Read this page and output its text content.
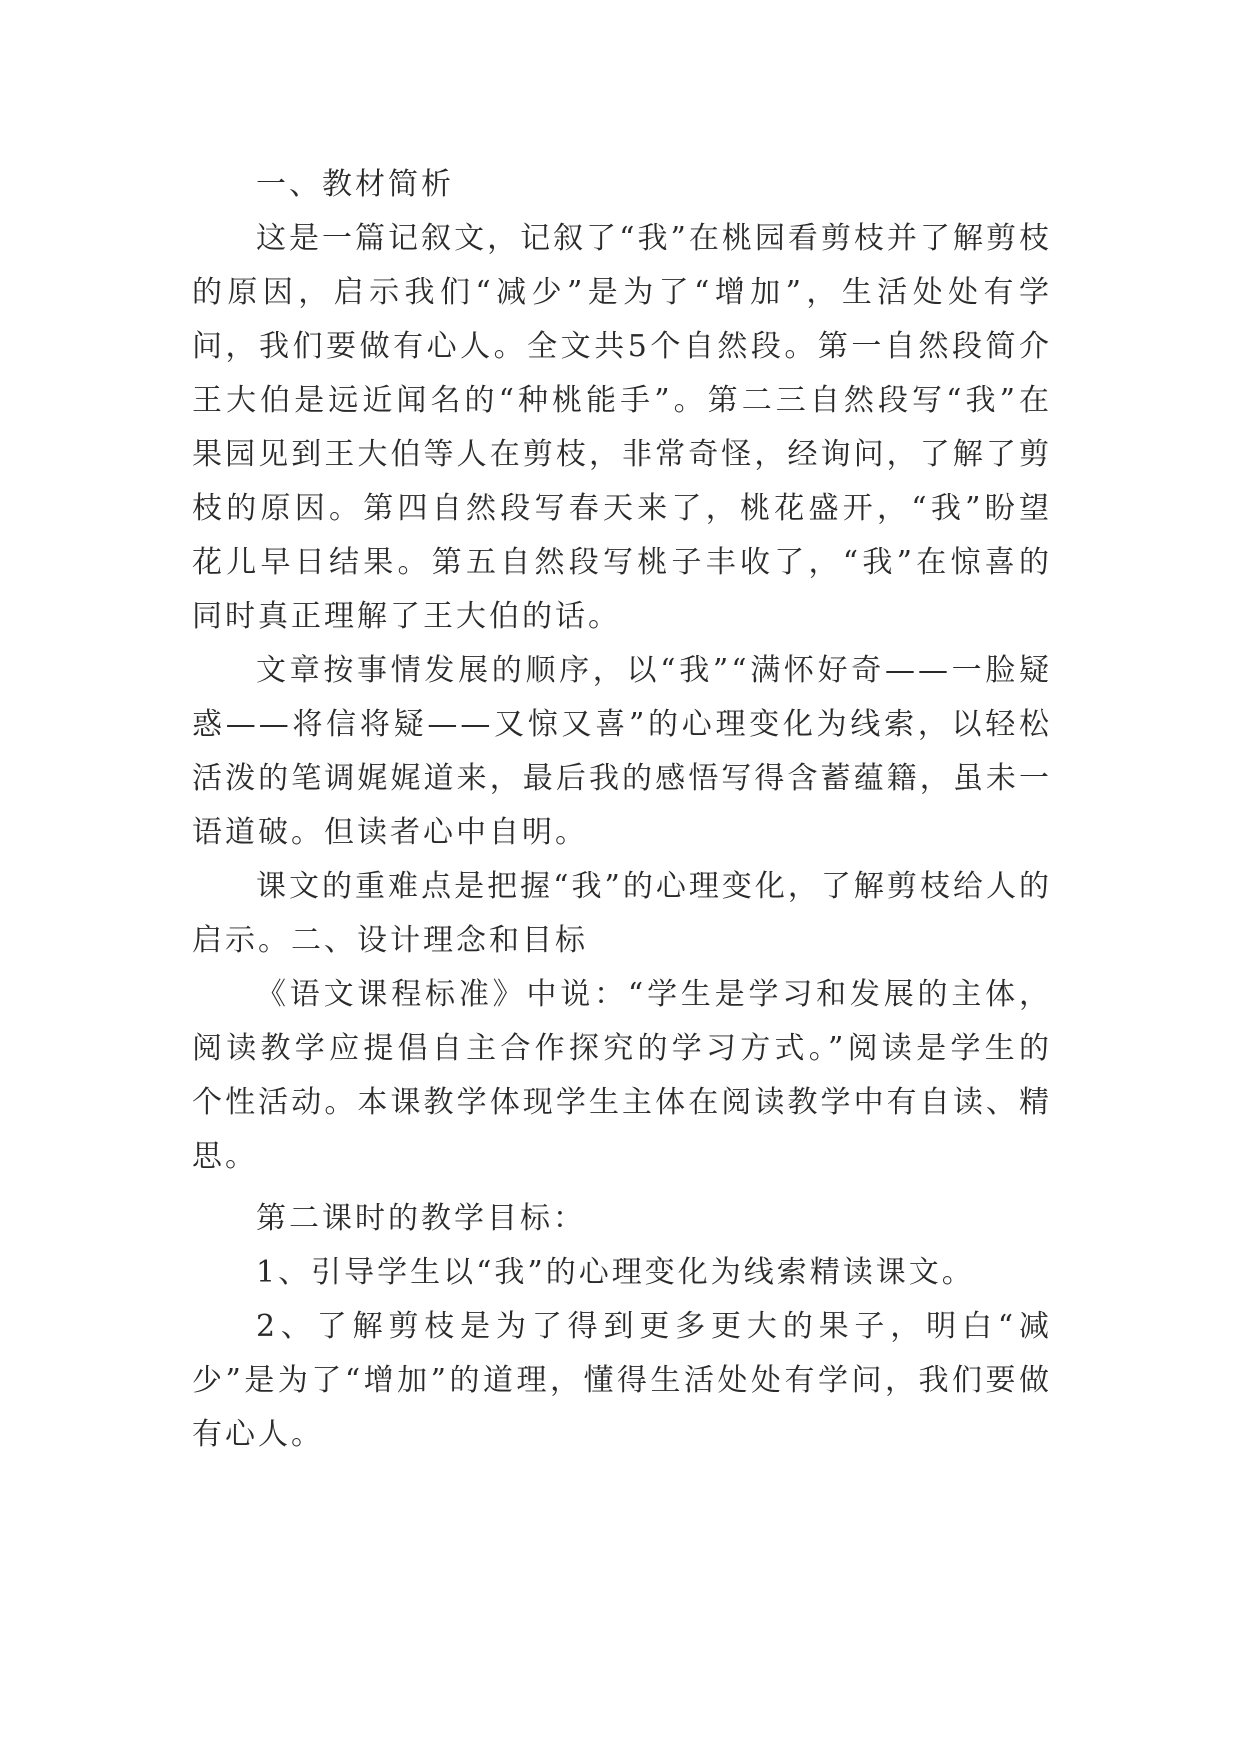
一、教材简析

这是一篇记叙文，记叙了“我”在桃园看剪枝并了解剪枝的原因，启示我们“减少”是为了“增加”，生活处处有学问，我们要做有心人。全文共5个自然段。第一自然段简介王大伯是远近闻名的“种桃能手”。第二三自然段写“我”在果园见到王大伯等人在剪枝，非常奇怪，经询问，了解了剪枝的原因。第四自然段写春天来了，桃花盛开，“我”盼望花儿早日结果。第五自然段写桃子丰收了，“我”在惊喜的同时真正理解了王大伯的话。

文章按事情发展的顺序，以“我”“满怀好奇——一脸疑惑——将信将疑——又惊又喜”的心理变化为线索，以轻松活泼的笔调娓娓道来，最后我的感悟写得含蓄蕴籍，虽未一语道破。但读者心中自明。

课文的重难点是把握“我”的心理变化，了解剪枝给人的启示。二、设计理念和目标

《语文课程标准》中说：“学生是学习和发展的主体，阅读教学应提倡自主合作探究的学习方式。”阅读是学生的个性活动。本课教学体现学生主体在阅读教学中有自读、精思。

第二课时的教学目标：

1、引导学生以“我”的心理变化为线索精读课文。

2、了解剪枝是为了得到更多更大的果子，明白“减少”是为了“增加”的道理，懂得生活处处有学问，我们要做有心人。
